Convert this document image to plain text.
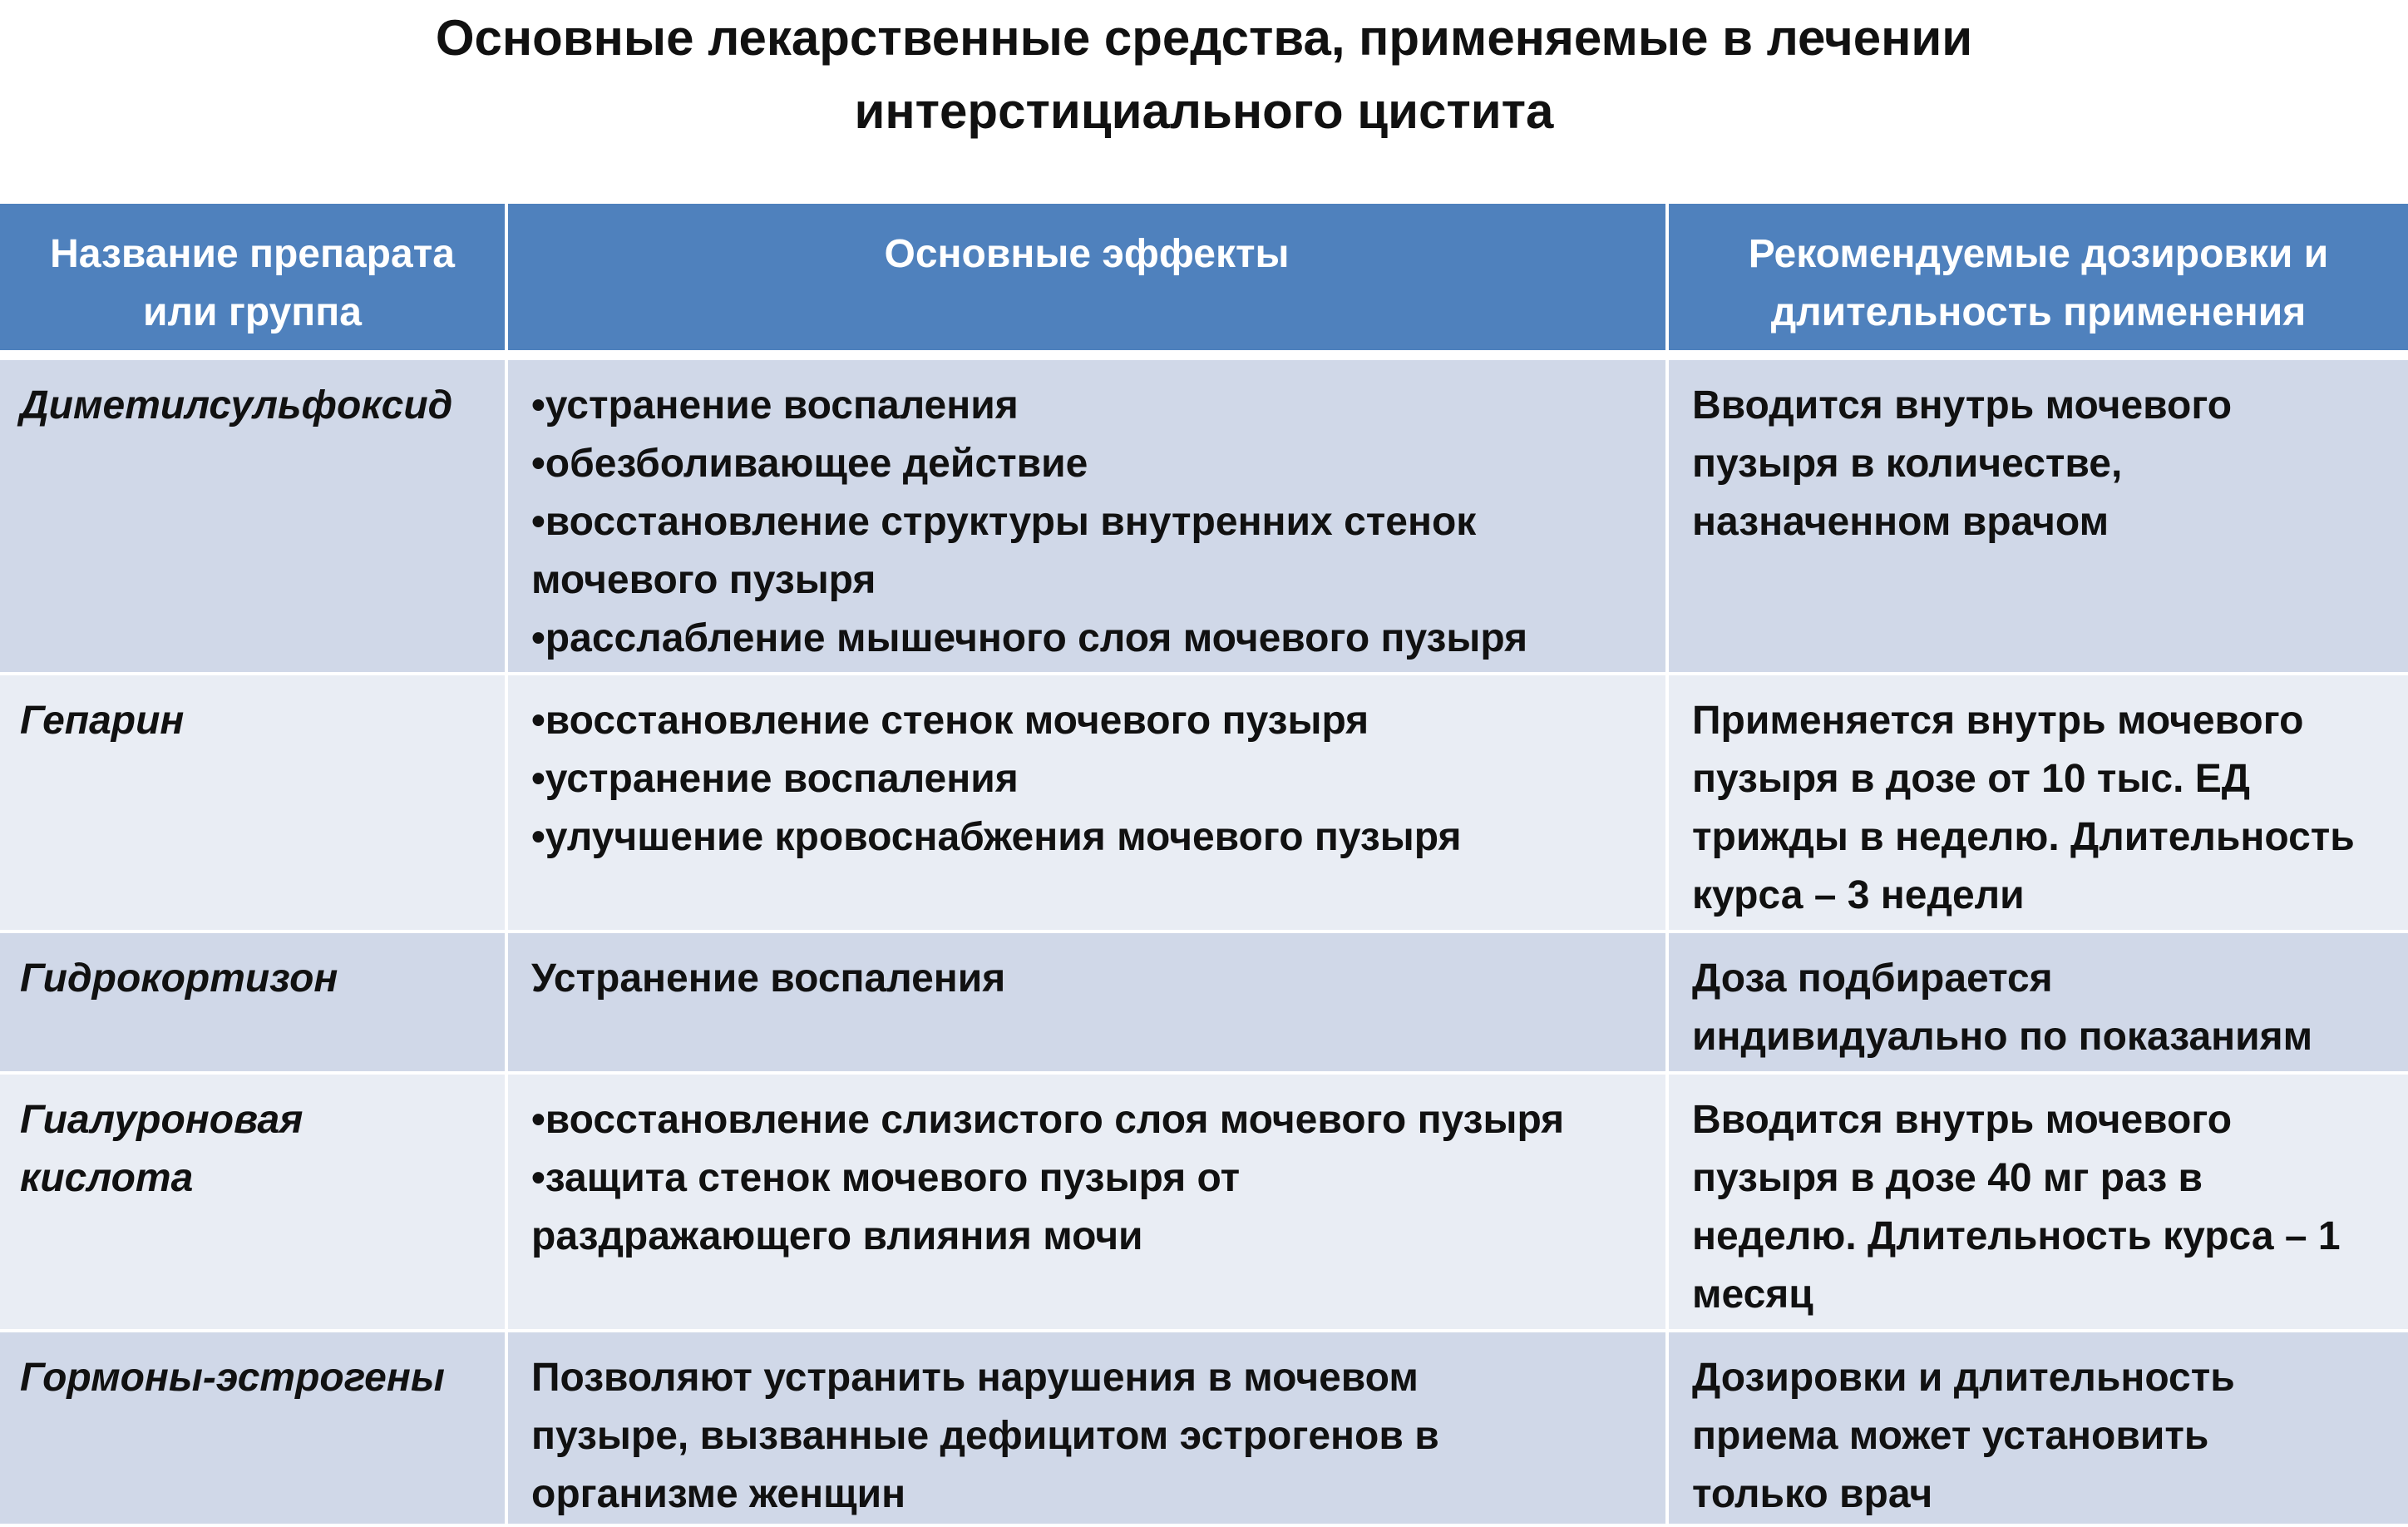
Основные лекарственные средства, применяемые в лечении
интерстициального цистита
Название препарата
или группа	Основные эффекты	Рекомендуемые дозировки и
длительность применения

Диметилсульфоксид	•устранение воспаления
•обезболивающее действие
•восстановление структуры внутренних стенок
мочевого пузыря
•расслабление мышечного слоя мочевого пузыря	Вводится внутрь мочевого
пузыря в количестве,
назначенном врачом

Гепарин	•восстановление стенок мочевого пузыря
•устранение воспаления
•улучшение кровоснабжения мочевого пузыря	Применяется внутрь мочевого
пузыря в дозе от 10 тыс. ЕД
трижды в неделю. Длительность
курса – 3 недели

Гидрокортизон	Устранение воспаления	Доза подбирается
индивидуально по показаниям

Гиалуроновая
кислота	•восстановление слизистого слоя мочевого пузыря
•защита стенок мочевого пузыря от
раздражающего влияния мочи	Вводится внутрь мочевого
пузыря в дозе 40 мг раз в
неделю. Длительность курса – 1
месяц

Гормоны-эстрогены	Позволяют устранить нарушения в мочевом
пузыре, вызванные дефицитом эстрогенов в
организме женщин	Дозировки и длительность
приема может установить
только врач
